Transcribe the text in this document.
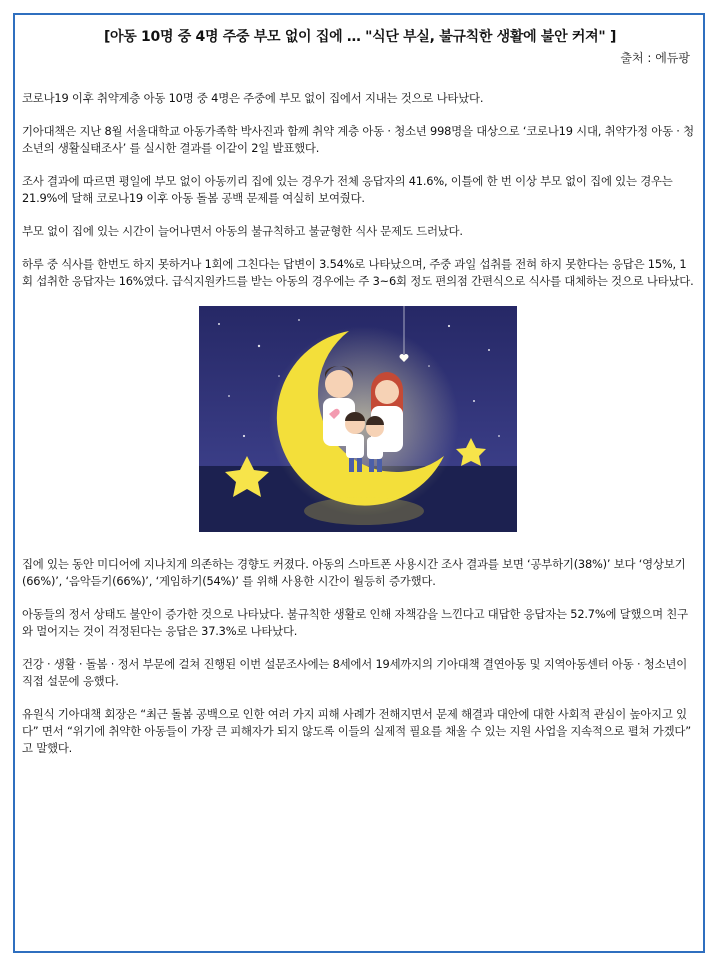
[아동 10명 중 4명 주중 부모 없이 집에 … "식단 부실, 불규칙한 생활에 불안 커져" ]
출처 : 에듀팡

코로나19 이후 취약계층 아동 10명 중 4명은 주중에 부모 없이 집에서 지내는 것으로 나타났다.

기아대책은 지난 8월 서울대학교 아동가족학 박사진과 함께 취약 계층 아동 · 청소년 998명을 대상으로 ‘코로나19 시대, 취약가정 아동 · 청소년의 생활실태조사’ 를 실시한 결과를 이같이 2일 발표했다.

조사 결과에 따르면 평일에 부모 없이 아동끼리 집에 있는 경우가 전체 응답자의 41.6%, 이틀에 한 번 이상 부모 없이 집에 있는 경우는 21.9%에 달해 코로나19 이후 아동 돌봄 공백 문제를 여실히 보여줬다.

부모 없이 집에 있는 시간이 늘어나면서 아동의 불규칙하고 불균형한 식사 문제도 드러났다.

하루 중 식사를 한번도 하지 못하거나 1회에 그친다는 답변이 3.54%로 나타났으며, 주중 과일 섭취를 전혀 하지 못한다는 응답은 15%, 1회 섭취한 응답자는 16%였다. 급식지원카드를 받는 아동의 경우에는 주 3~6회 정도 편의점 간편식으로 식사를 대체하는 것으로 나타났다.

집에 있는 동안 미디어에 지나치게 의존하는 경향도 커졌다. 아동의 스마트폰 사용시간 조사 결과를 보면 ‘공부하기(38%)’ 보다 ‘영상보기(66%)’, ‘음악듣기(66%)’, ‘게임하기(54%)’ 를 위해 사용한 시간이 월등히 증가했다.

아동들의 정서 상태도 불안이 증가한 것으로 나타났다. 불규칙한 생활로 인해 자책감을 느낀다고 대답한 응답자는 52.7%에 달했으며 친구와 멀어지는 것이 걱정된다는 응답은 37.3%로 나타났다.

건강 · 생활 · 돌봄 · 정서 부문에 걸쳐 진행된 이번 설문조사에는 8세에서 19세까지의 기아대책 결연아동 및 지역아동센터 아동 · 청소년이 직접 설문에 응했다.

유원식 기아대책 회장은 “최근 돌봄 공백으로 인한 여러 가지 피해 사례가 전해지면서 문제 해결과 대안에 대한 사회적 관심이 높아지고 있다” 면서 “위기에 취약한 아동들이 가장 큰 피해자가 되지 않도록 이들의 실제적 필요를 채울 수 있는 지원 사업을 지속적으로 펼쳐 가겠다” 고 말했다.
